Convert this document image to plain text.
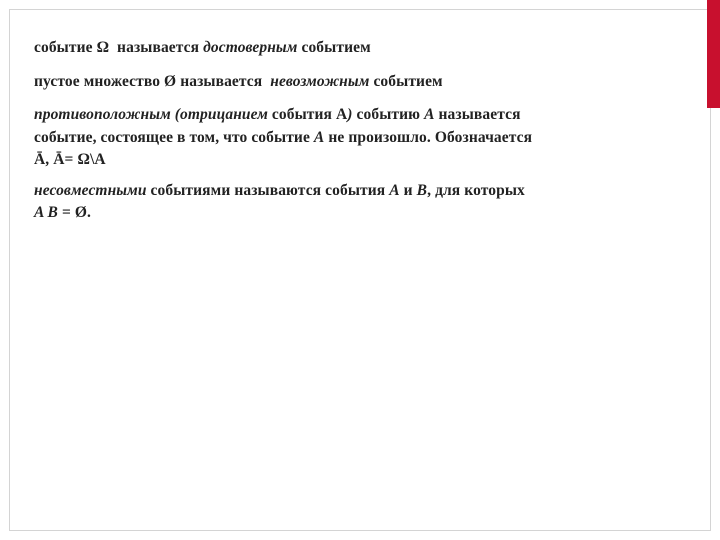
событие Ω  называется достоверным событием

пустое множество Ø называется  невозможным событием

противоположным (отрицанием события А) событию A называется
событие, состоящее в том, что событие A не произошло. Обозначается
Ā, Ā= Ω\А

несовместными событиями называются события A и B, для которых
A B = Ø.
